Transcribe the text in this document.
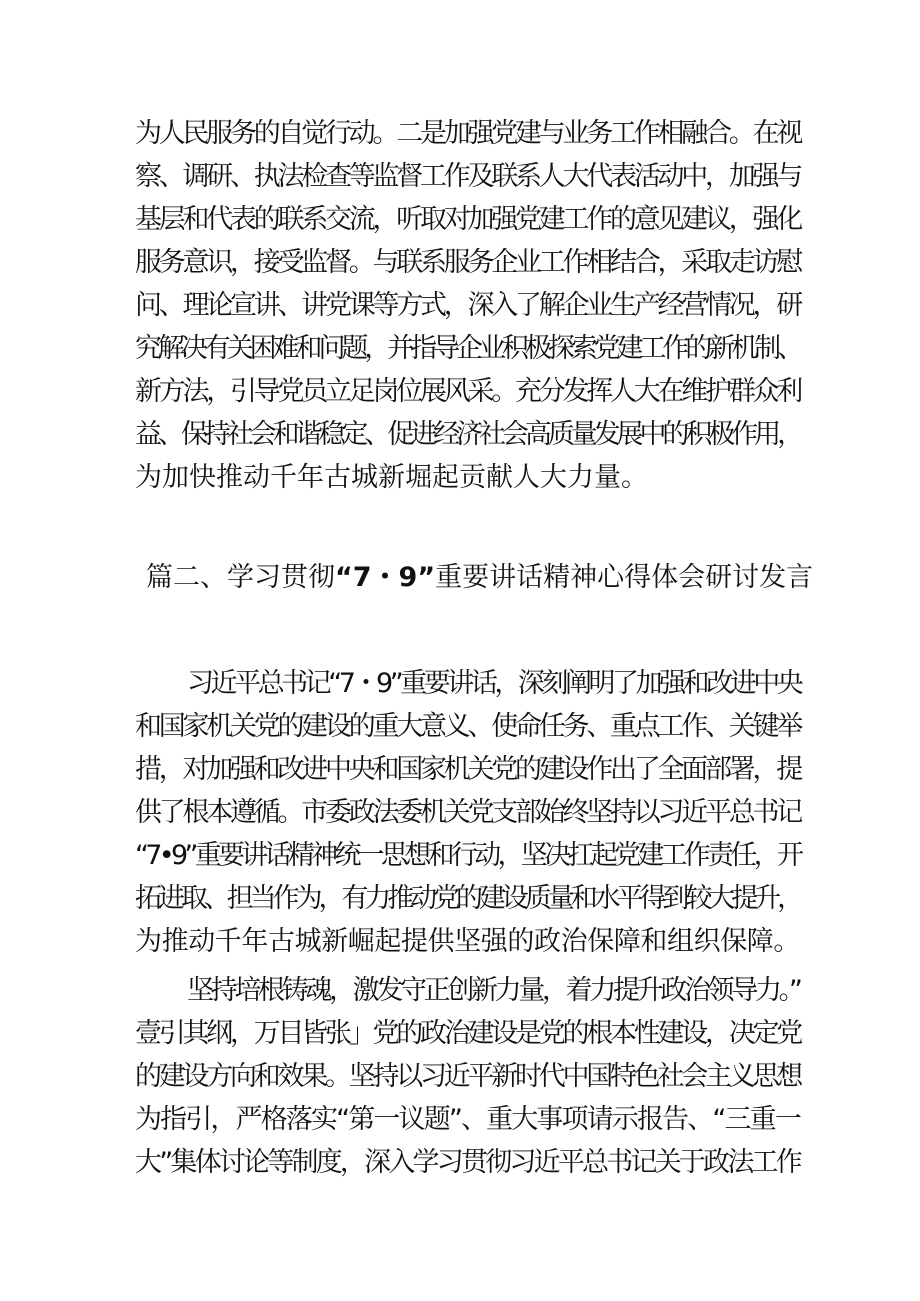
为人民服务的自觉行动。二是加强党建与业务工作相融合。在视
察、调研、执法检查等监督工作及联系人大代表活动中，加强与
基层和代表的联系交流，听取对加强党建工作的意见建议，强化
服务意识，接受监督。与联系服务企业工作相结合，采取走访慰
问、理论宣讲、讲党课等方式，深入了解企业生产经营情况，研
究解决有关困难和问题，并指导企业积极探索党建工作的新机制、
新方法，引导党员立足岗位展风采。充分发挥人大在维护群众利
益、保持社会和谐稳定、促进经济社会高质量发展中的积极作用，
为加快推动千年古城新堀起贡献人大力量。
篇二、学习贯彻“7・9”重要讲话精神心得体会研讨发言
习近平总书记“7・9”重要讲话，深刻阐明了加强和改进中央
和国家机关党的建设的重大意义、使命任务、重点工作、关键举
措，对加强和改进中央和国家机关党的建设作出了全面部署，提
供了根本遵循。市委政法委机关党支部始终坚持以习近平总书记
“7•9”重要讲话精神统一思想和行动，坚决扛起党建工作责任，开
拓进取、担当作为，有力推动党的建设质量和水平得到较大提升，
为推动千年古城新崛起提供坚强的政治保障和组织保障。
坚持培根铸魂，激发守正创新力量，着力提升政治领导力。”
壹引其纲，万目皆张」党的政治建设是党的根本性建设，决定党
的建设方向和效果。坚持以习近平新时代中国特色社会主义思想
为指引，严格落实“第一议题”、重大事项请示报告、“三重一
大”集体讨论等制度，深入学习贯彻习近平总书记关于政法工作
